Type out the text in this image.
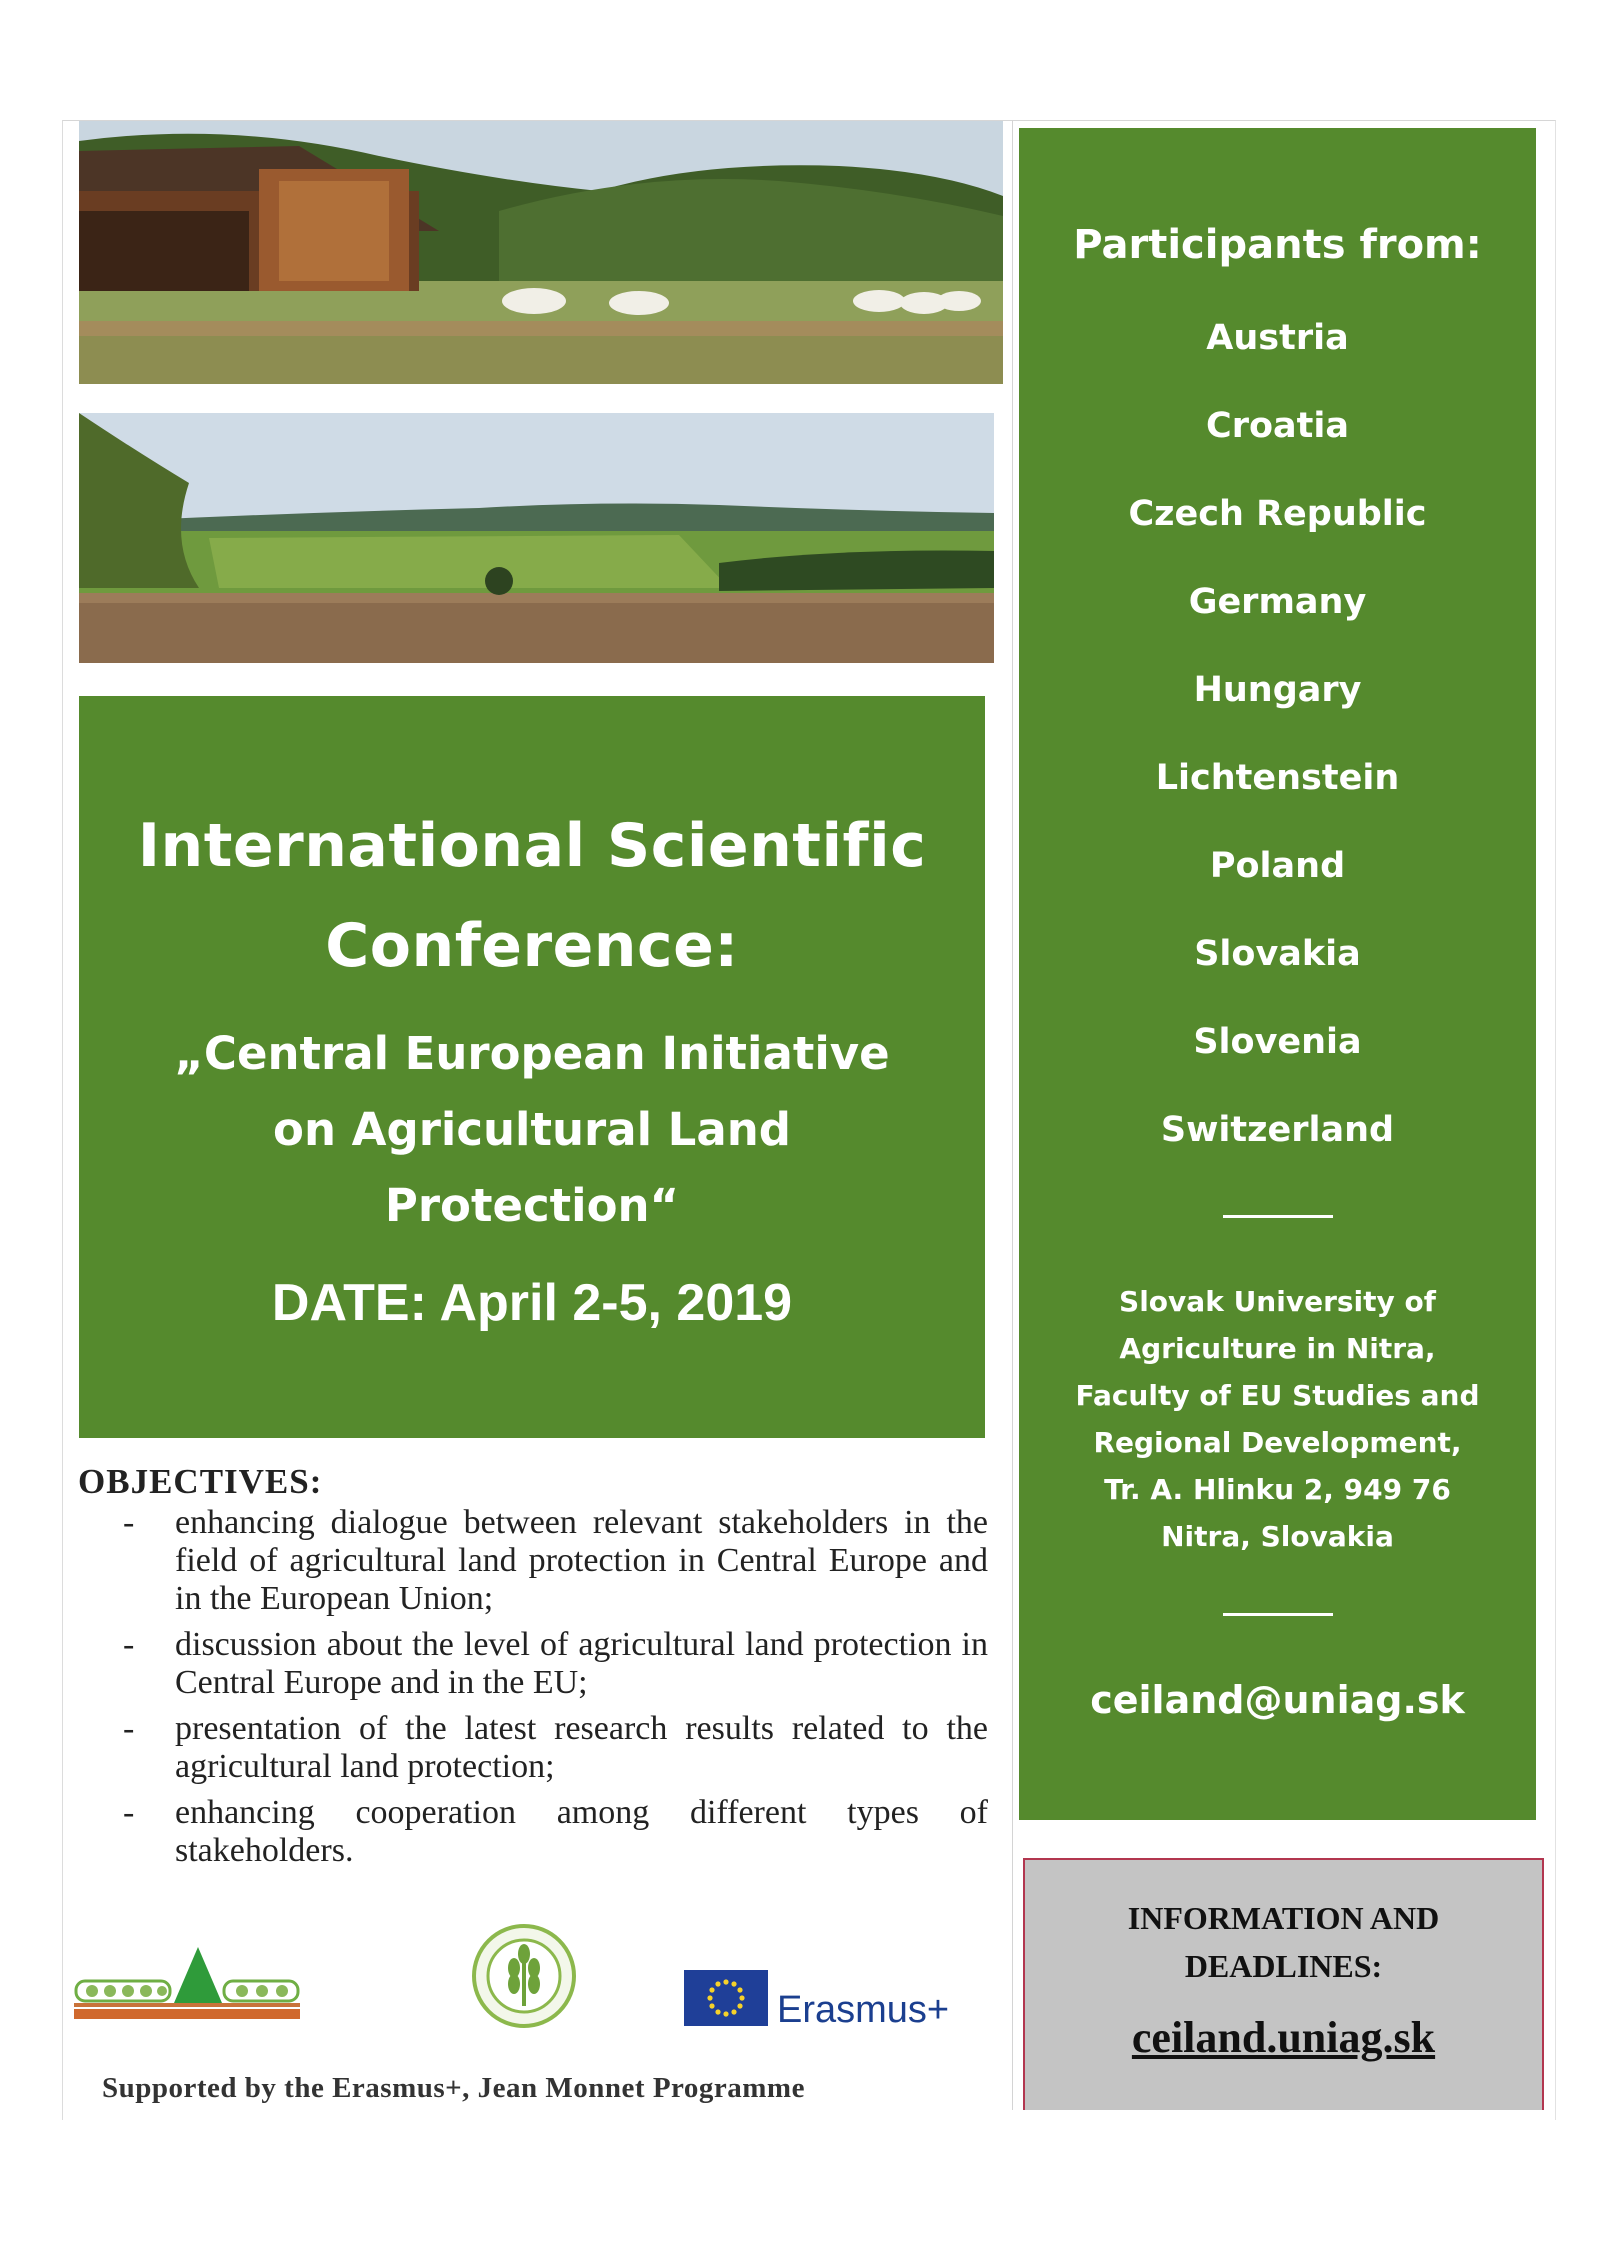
International Scientific Conference:
„Central European Initiative on Agricultural Land Protection“
DATE: April 2-5, 2019

OBJECTIVES:

- enhancing dialogue between relevant stakeholders in the field of agricultural land protection in Central Europe and in the European Union;
- discussion about the level of agricultural land protection in Central Europe and in the EU;
- presentation of the latest research results related to the agricultural land protection;
- enhancing cooperation among different types of stakeholders.
Erasmus+
Supported by the Erasmus+, Jean Monnet Programme
Participants from:
Austria
Croatia
Czech Republic
Germany
Hungary
Lichtenstein
Poland
Slovakia
Slovenia
Switzerland
Slovak University of
Agriculture in Nitra,
Faculty of EU Studies and
Regional Development,
Tr. A. Hlinku 2, 949 76
Nitra, Slovakia
ceiland@uniag.sk
INFORMATION AND DEADLINES:
ceiland.uniag.sk
